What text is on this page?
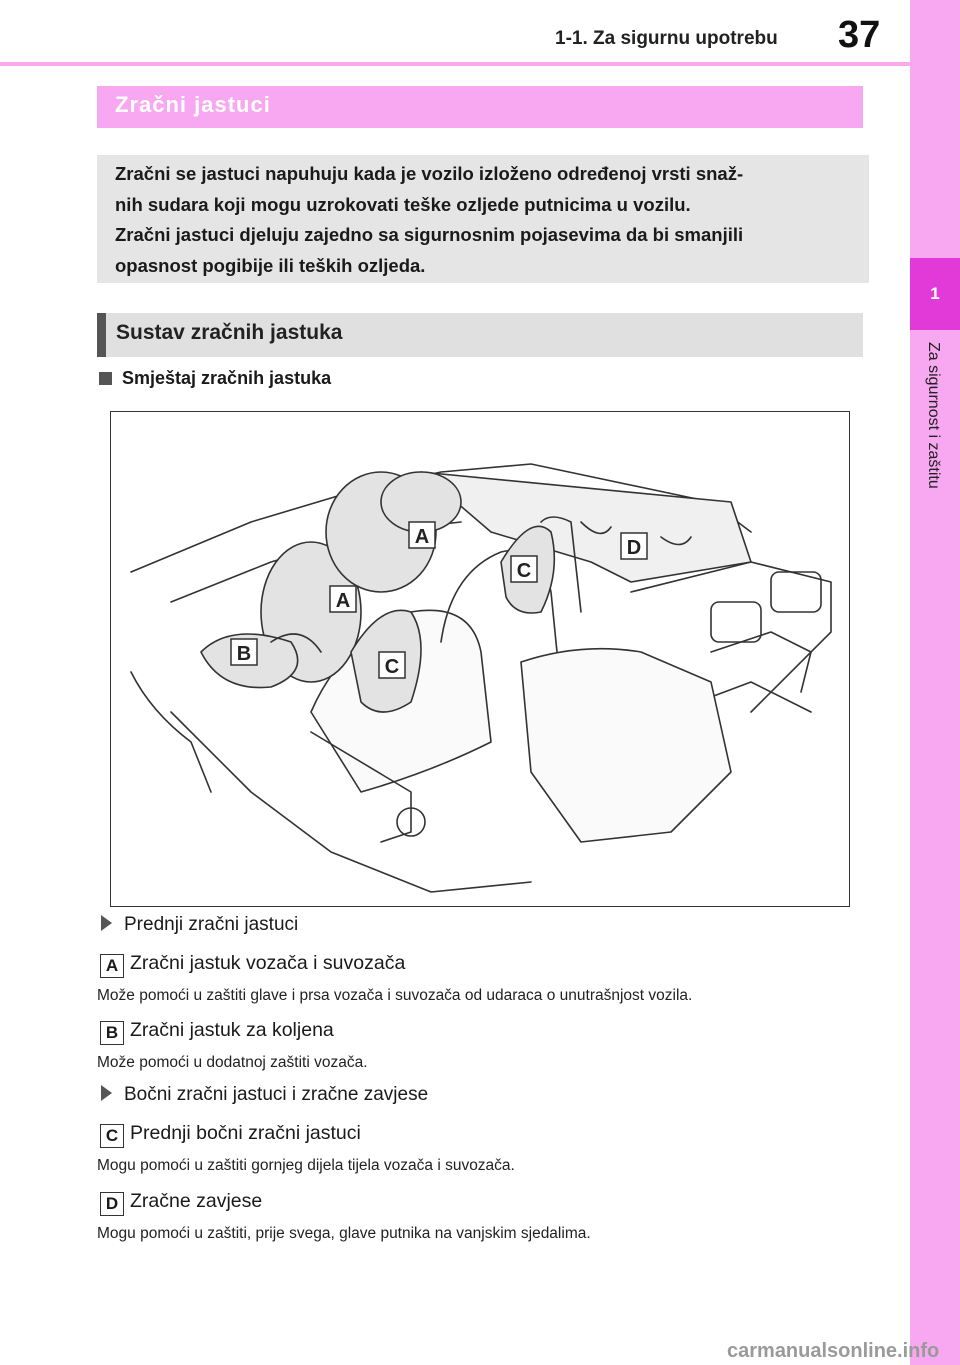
1
Za sigurnost i zaštitu
1-1. Za sigurnu upotrebu 37
Zračni jastuci

Zračni se jastuci napuhuju kada je vozilo izloženo određenoj vrsti snaž-

nih sudara koji mogu uzrokovati teške ozljede putnicima u vozilu.

Zračni jastuci djeluju zajedno sa sigurnosnim pojasevima da bi smanjili

opasnost pogibije ili teških ozljeda.

Sustav zračnih jastuka
Smještaj zračnih jastuka
A
A
B
C
C
D
Prednji zračni jastuci
A Zračni jastuk vozača i suvozača
Može pomoći u zaštiti glave i prsa vozača i suvozača od udaraca o unutrašnjost vozila.
B Zračni jastuk za koljena
Može pomoći u dodatnoj zaštiti vozača.
Bočni zračni jastuci i zračne zavjese
C Prednji bočni zračni jastuci
Mogu pomoći u zaštiti gornjeg dijela tijela vozača i suvozača.
D Zračne zavjese
Mogu pomoći u zaštiti, prije svega, glave putnika na vanjskim sjedalima.
carmanualsonline.info
